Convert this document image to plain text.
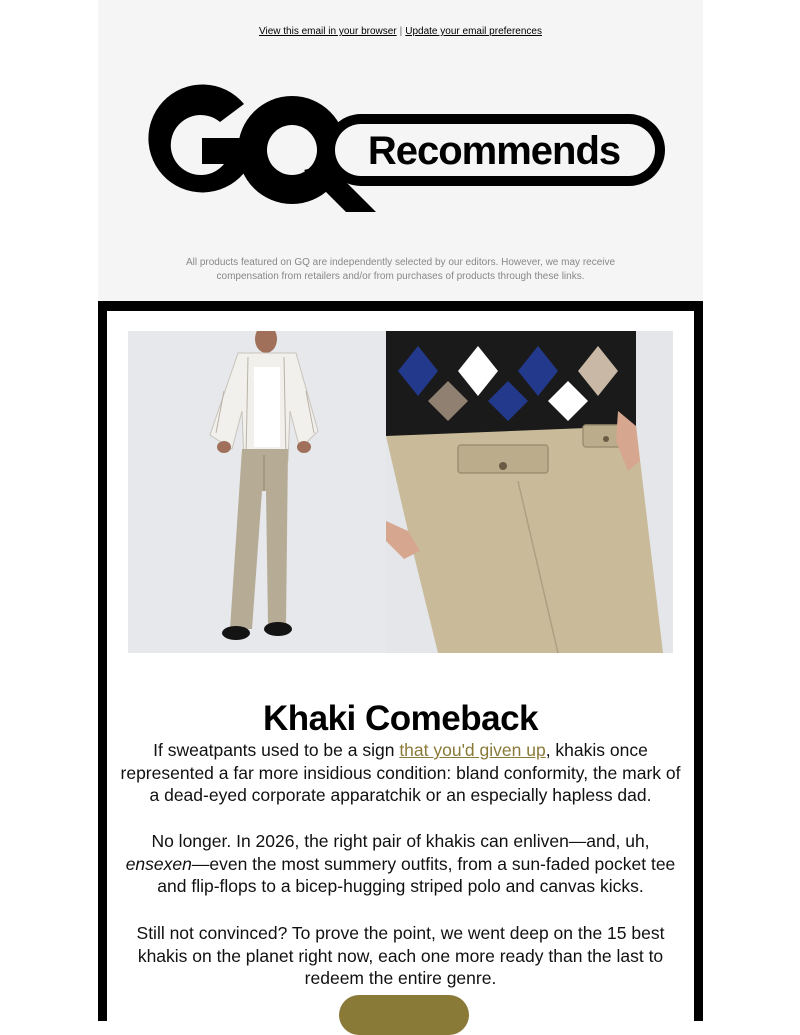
View this email in your browser | Update your email preferences
Recommends
All products featured on GQ are independently selected by our editors. However, we may receive compensation from retailers and/or from purchases of products through these links.
Khaki Comeback
If sweatpants used to be a sign that you'd given up, khakis once represented a far more insidious condition: bland conformity, the mark of a dead-eyed corporate apparatchik or an especially hapless dad.
No longer. In 2026, the right pair of khakis can enliven—and, uh, ensexen—even the most summery outfits, from a sun-faded pocket tee and flip-flops to a bicep-hugging striped polo and canvas kicks.
Still not convinced? To prove the point, we went deep on the 15 best khakis on the planet right now, each one more ready than the last to redeem the entire genre.
